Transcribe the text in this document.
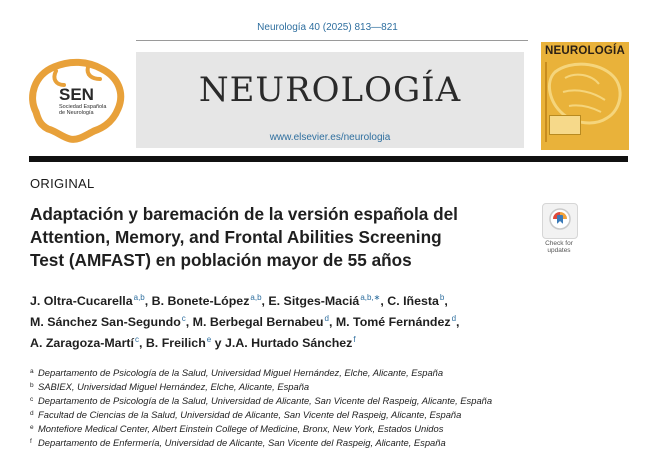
Neurología 40 (2025) 813—821
SEN
Sociedad Española
de Neurología
NEUROLOGÍA
www.elsevier.es/neurologia
NEUROLOGÍA
ORIGINAL
Adaptación y baremación de la versión española del
Attention, Memory, and Frontal Abilities Screening
Test (AMFAST) en población mayor de 55 años
Check for updates
J. Oltra-Cucarella$^{a,b}$, B. Bonete-López$^{a,b}$, E. Sitges-Maciá$^{a,b,∗}$, C. Iñesta$^b$,
M. Sánchez San-Segundo$^c$, M. Berbegal Bernabeu$^d$, M. Tomé Fernández$^d$,
A. Zaragoza-Martí$^c$, B. Freilich$^e$ y J.A. Hurtado Sánchez$^f$
a Departamento de Psicología de la Salud, Universidad Miguel Hernández, Elche, Alicante, España
b SABIEX, Universidad Miguel Hernández, Elche, Alicante, España
c Departamento de Psicología de la Salud, Universidad de Alicante, San Vicente del Raspeig, Alicante, España
d Facultad de Ciencias de la Salud, Universidad de Alicante, San Vicente del Raspeig, Alicante, España
e Montefiore Medical Center, Albert Einstein College of Medicine, Bronx, New York, Estados Unidos
f Departamento de Enfermería, Universidad de Alicante, San Vicente del Raspeig, Alicante, España
